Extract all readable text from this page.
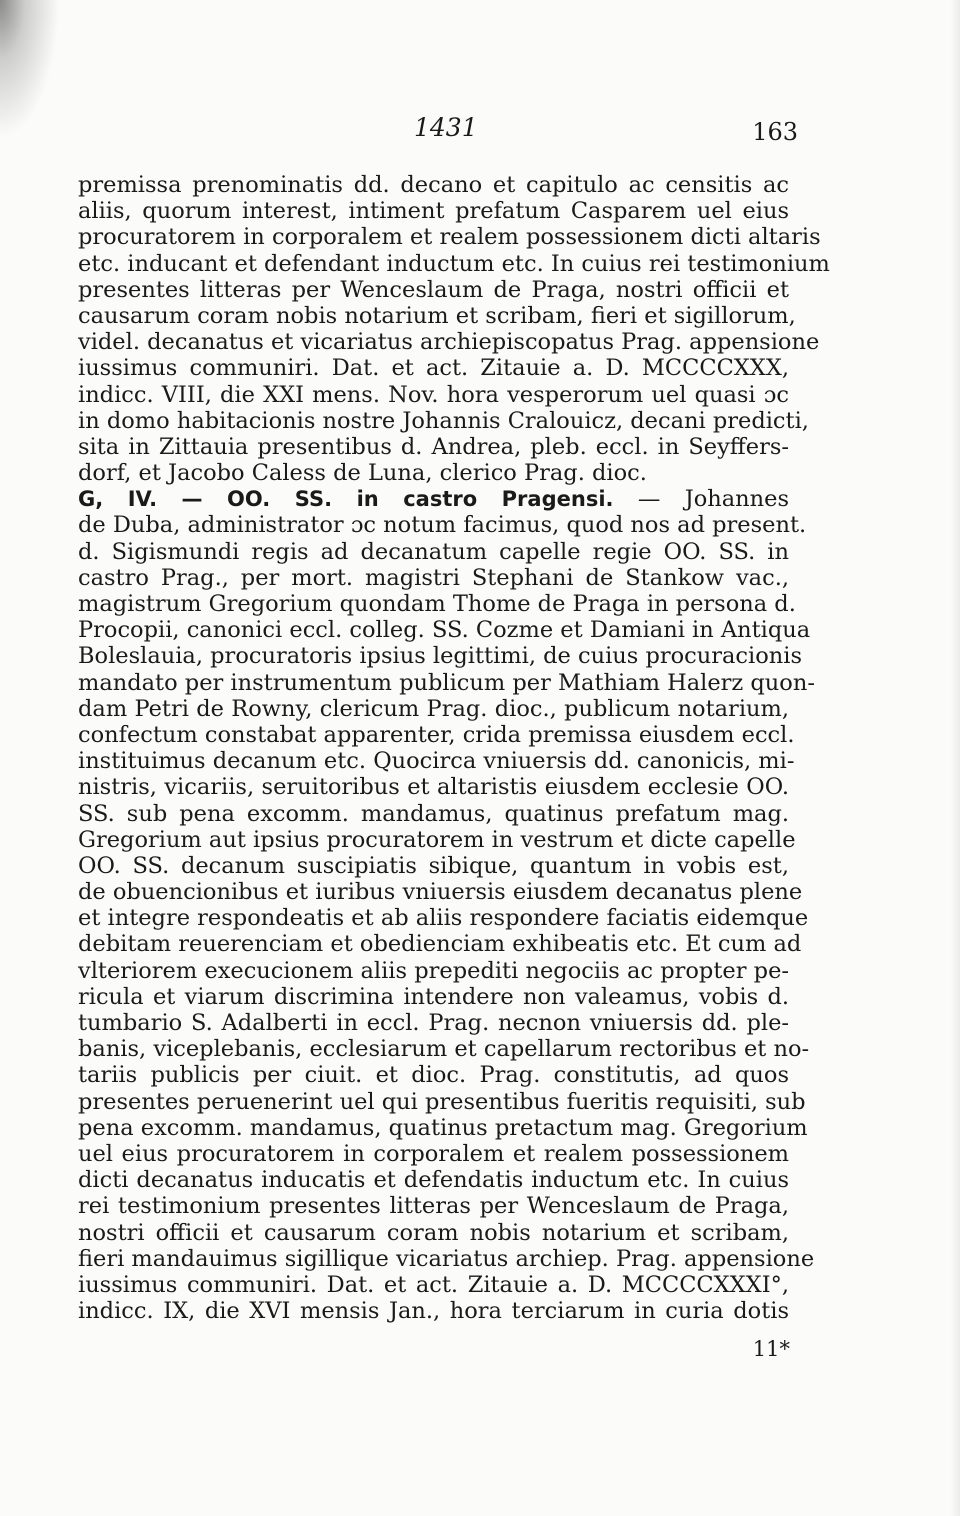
1431	163
premissa prenominatis dd. decano et capitulo ac censitis ac
aliis, quorum interest, intiment prefatum Casparem uel eius
procuratorem in corporalem et realem possessionem dicti altaris
etc. inducant et defendant inductum etc. In cuius rei testimonium
presentes litteras per Wenceslaum de Praga, nostri officii et
causarum coram nobis notarium et scribam, fieri et sigillorum,
videl. decanatus et vicariatus archiepiscopatus Prag. appensione
iussimus communiri. Dat. et act. Zitauie a. D. MCCCCXXX,
indicc. VIII, die XXI mens. Nov. hora vesperorum uel quasi ɔc
in domo habitacionis nostre Johannis Cralouicz, decani predicti,
sita in Zittauia presentibus d. Andrea, pleb. eccl. in Seyffers-
dorf, et Jacobo Caless de Luna, clerico Prag. dioc.
G, IV. — OO. SS. in castro Pragensi. — Johannes
de Duba, administrator ɔc notum facimus, quod nos ad present.
d. Sigismundi regis ad decanatum capelle regie OO. SS. in
castro Prag., per mort. magistri Stephani de Stankow vac.,
magistrum Gregorium quondam Thome de Praga in persona d.
Procopii, canonici eccl. colleg. SS. Cozme et Damiani in Antiqua
Boleslauia, procuratoris ipsius legittimi, de cuius procuracionis
mandato per instrumentum publicum per Mathiam Halerz quon-
dam Petri de Rowny, clericum Prag. dioc., publicum notarium,
confectum constabat apparenter, crida premissa eiusdem eccl.
instituimus decanum etc. Quocirca vniuersis dd. canonicis, mi-
nistris, vicariis, seruitoribus et altaristis eiusdem ecclesie OO.
SS. sub pena excomm. mandamus, quatinus prefatum mag.
Gregorium aut ipsius procuratorem in vestrum et dicte capelle
OO. SS. decanum suscipiatis sibique, quantum in vobis est,
de obuencionibus et iuribus vniuersis eiusdem decanatus plene
et integre respondeatis et ab aliis respondere faciatis eidemque
debitam reuerenciam et obedienciam exhibeatis etc. Et cum ad
vlteriorem execucionem aliis prepediti negociis ac propter pe-
ricula et viarum discrimina intendere non valeamus, vobis d.
tumbario S. Adalberti in eccl. Prag. necnon vniuersis dd. ple-
banis, viceplebanis, ecclesiarum et capellarum rectoribus et no-
tariis publicis per ciuit. et dioc. Prag. constitutis, ad quos
presentes peruenerint uel qui presentibus fueritis requisiti, sub
pena excomm. mandamus, quatinus pretactum mag. Gregorium
uel eius procuratorem in corporalem et realem possessionem
dicti decanatus inducatis et defendatis inductum etc. In cuius
rei testimonium presentes litteras per Wenceslaum de Praga,
nostri officii et causarum coram nobis notarium et scribam,
fieri mandauimus sigillique vicariatus archiep. Prag. appensione
iussimus communiri. Dat. et act. Zitauie a. D. MCCCCXXXI°,
indicc. IX, die XVI mensis Jan., hora terciarum in curia dotis
11*
